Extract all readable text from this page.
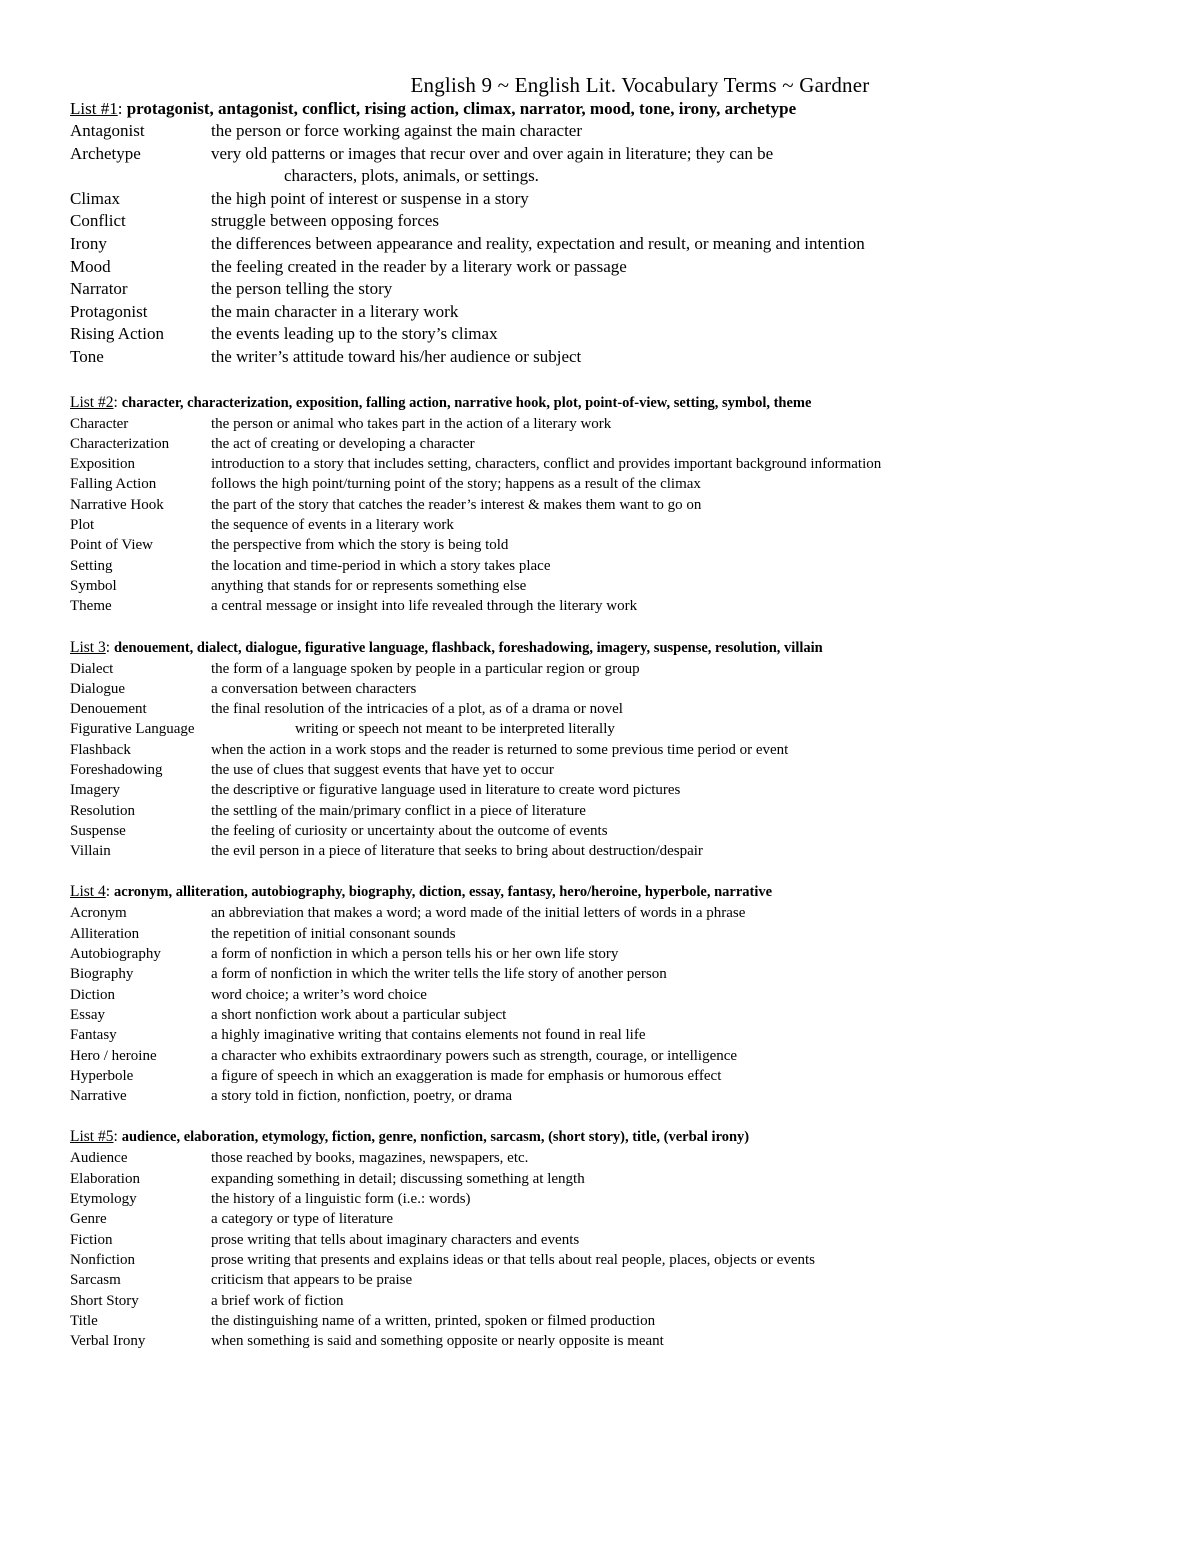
English 9 ~ English Lit. Vocabulary Terms ~ Gardner
List #1: protagonist, antagonist, conflict, rising action, climax, narrator, mood, tone, irony, archetype
Antagonist	the person or force working against the main character
Archetype	very old patterns or images that recur over and over again in literature; they can be
characters, plots, animals, or settings.
Climax	the high point of interest or suspense in a story
Conflict	struggle between opposing forces
Irony	the differences between appearance and reality, expectation and result, or meaning and intention
Mood	the feeling created in the reader by a literary work or passage
Narrator	the person telling the story
Protagonist	the main character in a literary work
Rising Action	the events leading up to the story’s climax
Tone	the writer’s attitude toward his/her audience or subject
List #2: character, characterization, exposition, falling action, narrative hook, plot, point-of-view, setting, symbol, theme
Character	the person or animal who takes part in the action of a literary work
Characterization	the act of creating or developing a character
Exposition	introduction to a story that includes setting, characters, conflict and provides important background information
Falling Action	follows the high point/turning point of the story; happens as a result of the climax
Narrative Hook	the part of the story that catches the reader’s interest & makes them want to go on
Plot	the sequence of events in a literary work
Point of View	the perspective from which the story is being told
Setting	the location and time-period in which a story takes place
Symbol	anything that stands for or represents something else
Theme	a central message or insight into life revealed through the literary work
List 3: denouement, dialect, dialogue, figurative language, flashback, foreshadowing, imagery, suspense, resolution, villain
Dialect	the form of a language spoken by people in a particular region or group
Dialogue	a conversation between characters
Denouement	the final resolution of the intricacies of a plot, as of a drama or novel
Figurative Language	writing or speech not meant to be interpreted literally
Flashback	when the action in a work stops and the reader is returned to some previous time period or event
Foreshadowing	the use of clues that suggest events that have yet to occur
Imagery	the descriptive or figurative language used in literature to create word pictures
Resolution	the settling of the main/primary conflict in a piece of literature
Suspense	the feeling of curiosity or uncertainty about the outcome of events
Villain	the evil person in a piece of literature that seeks to bring about destruction/despair
List 4: acronym, alliteration, autobiography, biography, diction, essay, fantasy, hero/heroine, hyperbole, narrative
Acronym	an abbreviation that makes a word; a word made of the initial letters of words in a phrase
Alliteration	the repetition of initial consonant sounds
Autobiography	a form of nonfiction in which a person tells his or her own life story
Biography	a form of nonfiction in which the writer tells the life story of another person
Diction	word choice; a writer’s word choice
Essay	a short nonfiction work about a particular subject
Fantasy	a highly imaginative writing that contains elements not found in real life
Hero / heroine	a character who exhibits extraordinary powers such as strength, courage, or intelligence
Hyperbole	a figure of speech in which an exaggeration is made for emphasis or humorous effect
Narrative	a story told in fiction, nonfiction, poetry, or drama
List #5: audience, elaboration, etymology, fiction, genre, nonfiction, sarcasm, (short story), title, (verbal irony)
Audience	those reached by books, magazines, newspapers, etc.
Elaboration	expanding something in detail; discussing something at length
Etymology	the history of a linguistic form (i.e.: words)
Genre	a category or type of literature
Fiction	prose writing that tells about imaginary characters and events
Nonfiction	prose writing that presents and explains ideas or that tells about real people, places, objects or events
Sarcasm	criticism that appears to be praise
Short Story	a brief work of fiction
Title	the distinguishing name of a written, printed, spoken or filmed production
Verbal Irony	when something is said and something opposite or nearly opposite is meant
